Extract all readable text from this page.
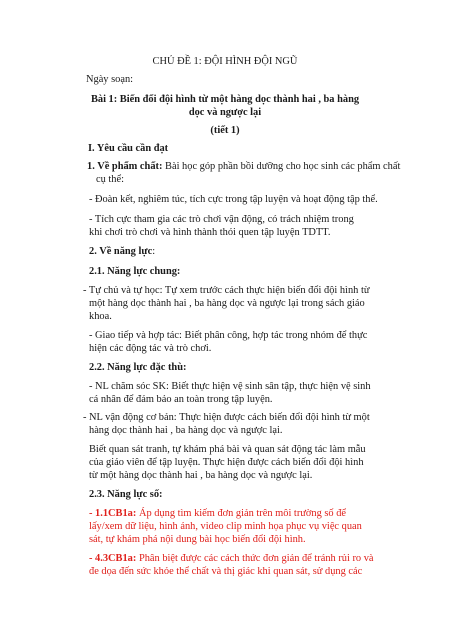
CHỦ ĐỀ 1: ĐỘI HÌNH ĐỘI NGŨ
Ngày soạn:
Bài 1: Biến đổi đội hình từ một hàng dọc thành hai , ba hàng
dọc và ngược lại
(tiết 1)
I. Yêu cầu cần đạt
1. Về phẩm chất: Bài học góp phần bồi dưỡng cho học sinh các phẩm chất
cụ thể:
- Đoàn kết, nghiêm túc, tích cực trong tập luyện và hoạt động tập thể.
- Tích cực tham gia các trò chơi vận động, có trách nhiệm trong
khi chơi trò chơi và hình thành thói quen tập luyện TDTT.
2. Về năng lực:
2.1. Năng lực chung:
- Tự chủ và tự học: Tự xem trước cách thực hiện biến đổi đội hình từ
một hàng dọc thành hai , ba hàng dọc và ngược lại trong sách giáo
khoa.
- Giao tiếp và hợp tác: Biết phân công, hợp tác trong nhóm để thực
hiện các động tác và trò chơi.
2.2. Năng lực đặc thù:
- NL chăm sóc SK: Biết thực hiện vệ sinh sân tập, thực hiện vệ sinh
cá nhân để đảm bảo an toàn trong tập luyện.
- NL vận động cơ bản: Thực hiện được cách biến đổi đội hình từ một
hàng dọc thành hai , ba hàng dọc và ngược lại.
Biết quan sát tranh, tự khám phá bài và quan sát động tác làm mẫu
của giáo viên để tập luyện. Thực hiện được cách biến đổi đội hình
từ một hàng dọc thành hai , ba hàng dọc và ngược lại.
2.3. Năng lực số:
- 1.1CB1a: Áp dụng tìm kiếm đơn giản trên môi trường số để
lấy/xem dữ liệu, hình ảnh, video clip minh họa phục vụ việc quan
sát, tự khám phá nội dung bài học biến đổi đội hình.
- 4.3CB1a: Phân biệt được các cách thức đơn giản để tránh rủi ro và
đe dọa đến sức khỏe thể chất và thị giác khi quan sát, sử dụng các
